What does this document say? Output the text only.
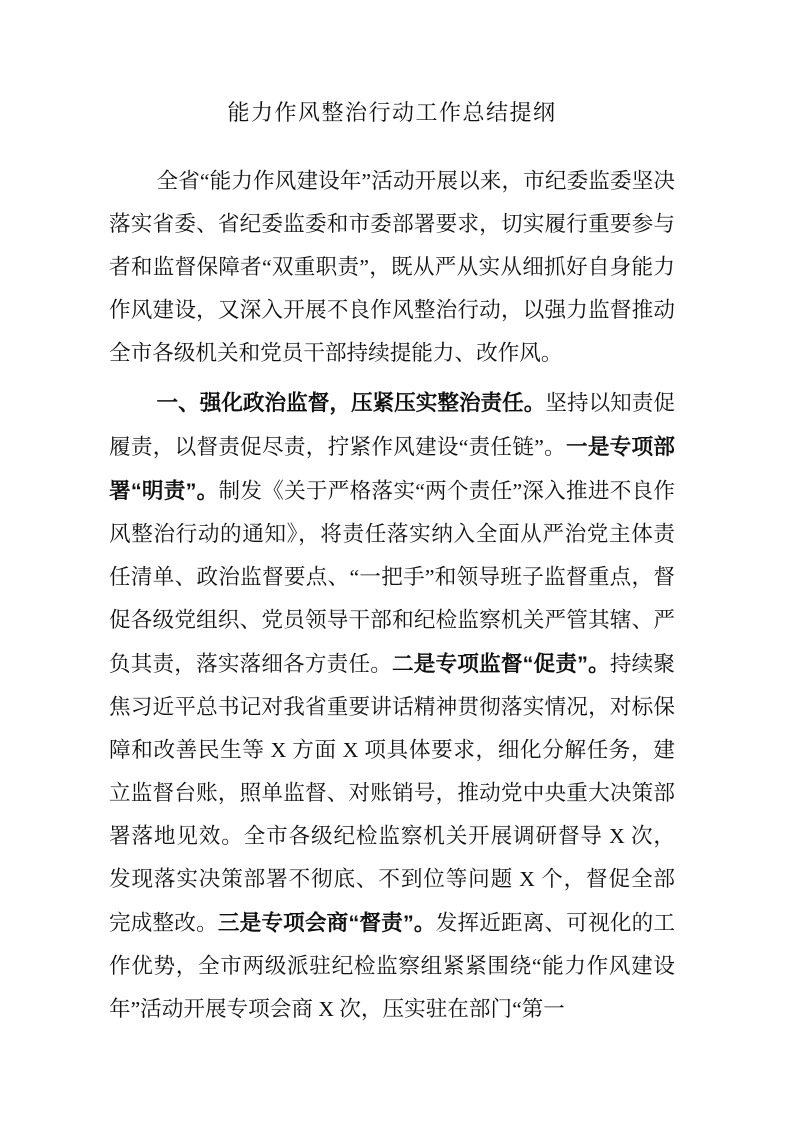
能力作风整治行动工作总结提纲

全省“能力作风建设年”活动开展以来，市纪委监委坚决落实省委、省纪委监委和市委部署要求，切实履行重要参与者和监督保障者“双重职责”，既从严从实从细抓好自身能力作风建设，又深入开展不良作风整治行动，以强力监督推动全市各级机关和党员干部持续提能力、改作风。

一、强化政治监督，压紧压实整治责任。坚持以知责促履责，以督责促尽责，拧紧作风建设“责任链”。一是专项部署“明责”。制发《关于严格落实“两个责任”深入推进不良作风整治行动的通知》，将责任落实纳入全面从严治党主体责任清单、政治监督要点、“一把手”和领导班子监督重点，督促各级党组织、党员领导干部和纪检监察机关严管其辖、严负其责，落实落细各方责任。二是专项监督“促责”。持续聚焦习近平总书记对我省重要讲话精神贯彻落实情况，对标保障和改善民生等 X 方面 X 项具体要求，细化分解任务，建立监督台账，照单监督、对账销号，推动党中央重大决策部署落地见效。全市各级纪检监察机关开展调研督导 X 次，发现落实决策部署不彻底、不到位等问题 X 个，督促全部完成整改。三是专项会商“督责”。发挥近距离、可视化的工作优势，全市两级派驻纪检监察组紧紧围绕“能力作风建设年”活动开展专项会商 X 次，压实驻在部门“第一
